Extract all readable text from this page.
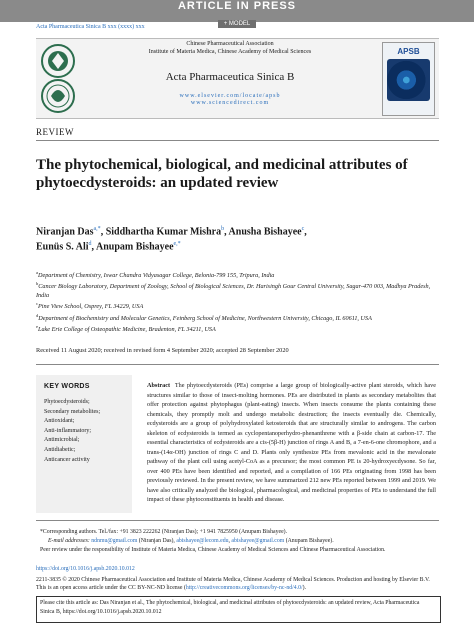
ARTICLE IN PRESS
+ MODEL
Acta Pharmaceutica Sinica B xxx (xxxx) xxx
Chinese Pharmaceutical Association
Institute of Materia Medica, Chinese Academy of Medical Sciences
Acta Pharmaceutica Sinica B
www.elsevier.com/locate/apsb
www.sciencedirect.com
APSB
REVIEW
The phytochemical, biological, and medicinal attributes of phytoecdysteroids: an updated review
Niranjan Das$^{a,*}$, Siddhartha Kumar Mishra$^b$, Anusha Bishayee$^c$,
Eunüs S. Ali$^d$, Anupam Bishayee$^{e,*}$
$^a$Department of Chemistry, Iswar Chandra Vidyasagar College, Belonia-799 155, Tripura, India
$^b$Cancer Biology Laboratory, Department of Zoology, School of Biological Sciences, Dr. Harisingh Gour Central University, Sagar-470 003, Madhya Pradesh, India
$^c$Pine View School, Osprey, FL 34229, USA
$^d$Department of Biochemistry and Molecular Genetics, Feinberg School of Medicine, Northwestern University, Chicago, IL 60611, USA
$^e$Lake Erie College of Osteopathic Medicine, Bradenton, FL 34211, USA
Received 11 August 2020; received in revised form 4 September 2020; accepted 28 September 2020
KEY WORDS
Phytoecdysteroids;
Secondary metabolites;
Antioxidant;
Anti-inflammatory;
Antimicrobial;
Antidiabetic;
Anticancer activity
Abstract The phytoecdysteroids (PEs) comprise a large group of biologically-active plant steroids, which have structures similar to those of insect-molting hormones. PEs are distributed in plants as secondary metabolites that offer protection against phytophagus (plant-eating) insects. When insects consume the plants containing these chemicals, they promptly molt and undergo metabolic destruction; the insects eventually die. Chemically, ecdysteroids are a group of polyhydroxylated ketosteroids that are structurally similar to androgens. The carbon skeleton of ecdysteroids is termed as cyclopentanoperhydro-phenanthrene with a β-side chain at carbon-17. The essential characteristics of ecdysteroids are a cis-(5β-H) junction of rings A and B, a 7-en-6-one chromophore, and a trans-(14α-OH) junction of rings C and D. Plants only synthesize PEs from mevalonic acid in the mevalonate pathway of the plant cell using acetyl-CoA as a precursor; the most common PE is 20-hydroxyecdysone. So far, over 400 PEs have been identified and reported, and a compilation of 166 PEs originating from 1998 has been previously reviewed. In the present review, we have summarized 212 new PEs reported between 1999 and 2019. We have also critically analyzed the biological, pharmacological, and medicinal properties of PEs to understand the full impact of these phytoconstituents in health and disease.
*Corresponding authors. Tel./fax: +91 3823 222262 (Niranjan Das); +1 941 7825950 (Anupam Bishayee).
E-mail addresses: ndnmu@gmail.com (Niranjan Das), abishayee@lecom.edu, abishayee@gmail.com (Anupam Bishayee).
Peer review under the responsibility of Institute of Materia Medica, Chinese Academy of Medical Sciences and Chinese Pharmaceutical Association.
https://doi.org/10.1016/j.apsb.2020.10.012
2211-3835 © 2020 Chinese Pharmaceutical Association and Institute of Materia Medica, Chinese Academy of Medical Sciences. Production and hosting by Elsevier B.V. This is an open access article under the CC BY-NC-ND license (http://creativecommons.org/licenses/by-nc-nd/4.0/).
Please cite this article as: Das Niranjan et al., The phytochemical, biological, and medicinal attributes of phytoecdysteroids: an updated review, Acta Pharmaceutica Sinica B, https://doi.org/10.1016/j.apsb.2020.10.012
